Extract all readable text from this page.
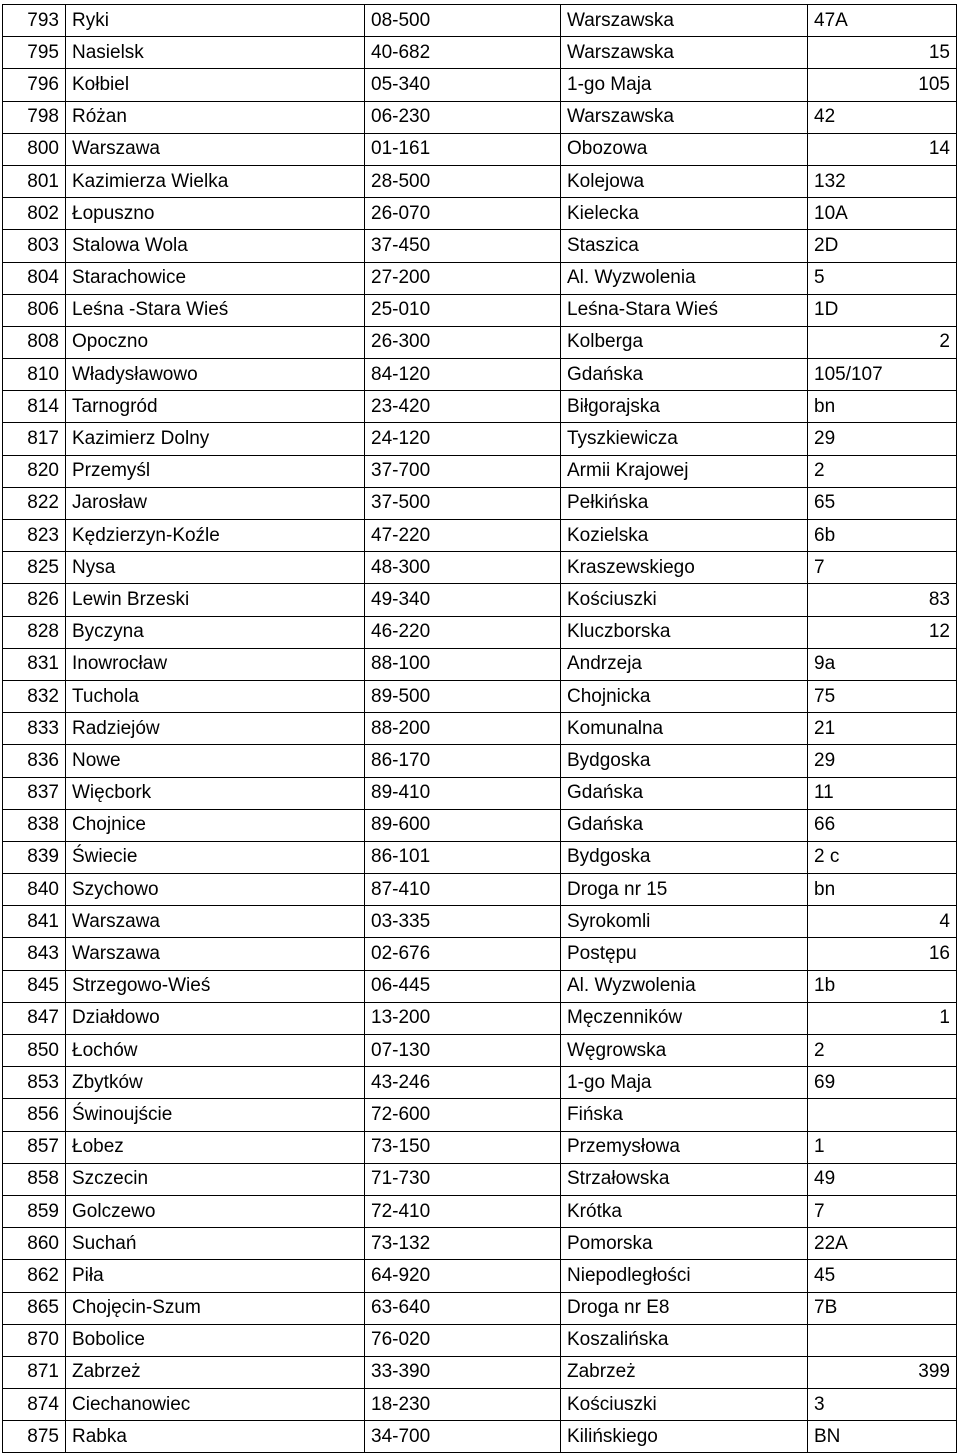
793	Ryki	08-500	Warszawska	47A
795	Nasielsk	40-682	Warszawska	15
796	Kołbiel	05-340	1-go Maja	105
798	Różan	06-230	Warszawska	42
800	Warszawa	01-161	Obozowa	14
801	Kazimierza Wielka	28-500	Kolejowa	132
802	Łopuszno	26-070	Kielecka	10A
803	Stalowa Wola	37-450	Staszica	2D
804	Starachowice	27-200	Al. Wyzwolenia	5
806	Leśna -Stara Wieś	25-010	Leśna-Stara Wieś	1D
808	Opoczno	26-300	Kolberga	2
810	Władysławowo	84-120	Gdańska	105/107
814	Tarnogród	23-420	Biłgorajska	bn
817	Kazimierz Dolny	24-120	Tyszkiewicza	29
820	Przemyśl	37-700	Armii Krajowej	2
822	Jarosław	37-500	Pełkińska	65
823	Kędzierzyn-Koźle	47-220	Kozielska	6b
825	Nysa	48-300	Kraszewskiego	7
826	Lewin Brzeski	49-340	Kościuszki	83
828	Byczyna	46-220	Kluczborska	12
831	Inowrocław	88-100	Andrzeja	9a
832	Tuchola	89-500	Chojnicka	75
833	Radziejów	88-200	Komunalna	21
836	Nowe	86-170	Bydgoska	29
837	Więcbork	89-410	Gdańska	11
838	Chojnice	89-600	Gdańska	66
839	Świecie	86-101	Bydgoska	2 c
840	Szychowo	87-410	Droga nr 15	bn
841	Warszawa	03-335	Syrokomli	4
843	Warszawa	02-676	Postępu	16
845	Strzegowo-Wieś	06-445	Al. Wyzwolenia	1b
847	Działdowo	13-200	Męczenników	1
850	Łochów	07-130	Węgrowska	2
853	Zbytków	43-246	1-go Maja	69
856	Świnoujście	72-600	Fińska	
857	Łobez	73-150	Przemysłowa	1
858	Szczecin	71-730	Strzałowska	49
859	Golczewo	72-410	Krótka	7
860	Suchań	73-132	Pomorska	22A
862	Piła	64-920	Niepodległości	45
865	Chojęcin-Szum	63-640	Droga nr E8	7B
870	Bobolice	76-020	Koszalińska	
871	Zabrzeż	33-390	Zabrzeż	399
874	Ciechanowiec	18-230	Kościuszki	3
875	Rabka	34-700	Kilińskiego	BN
